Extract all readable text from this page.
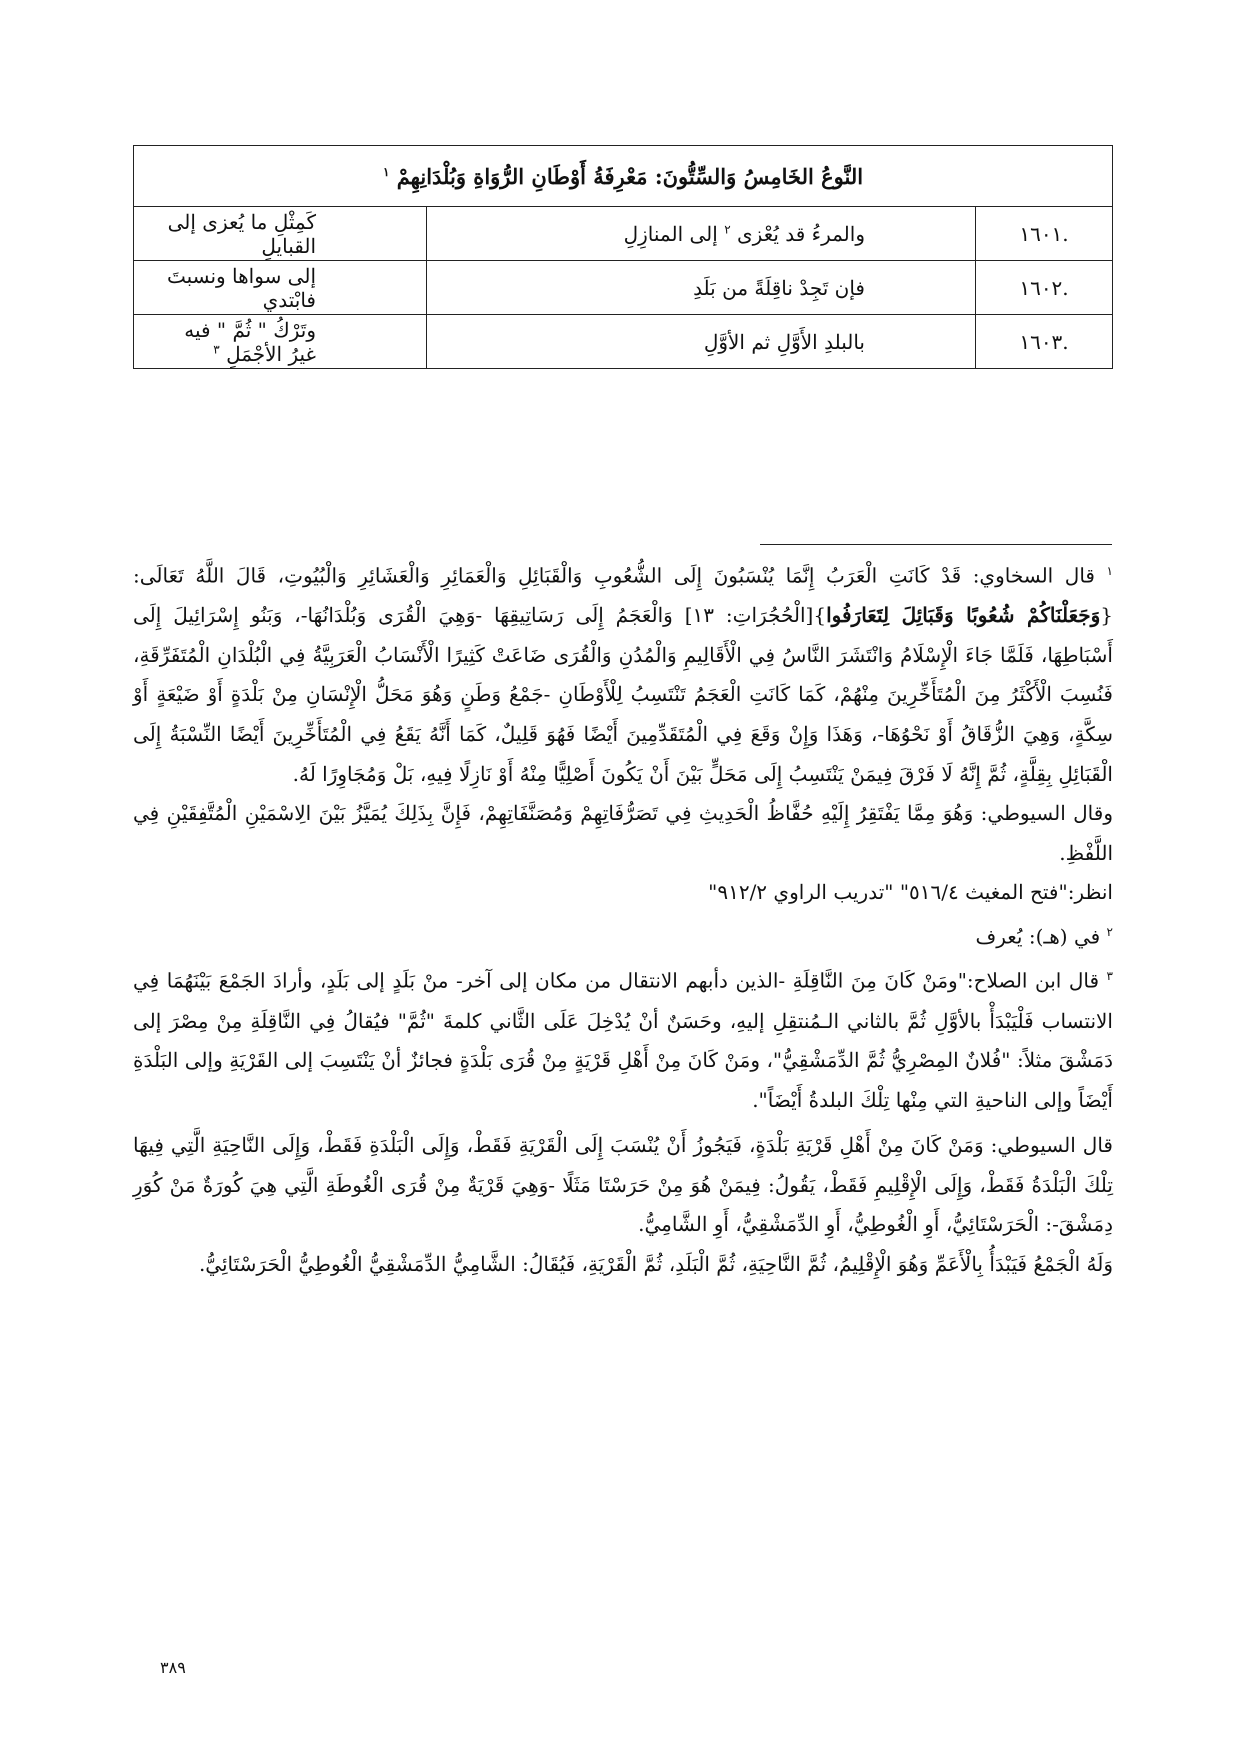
النَّوعُ الخَامِسُ وَالسِّتُّونَ: مَعْرِفَةُ أَوْطَانِ الرُّوَاةِ وَبُلْدَانِهِمْ $^١$
.١٦٠١	والمرءُ قد يُعْزى $^٢$ إلى المنازِلِ	كَمِثْلِ ما يُعزى إلى القبايلِ
.١٦٠٢	فإن تَجِدْ ناقِلَةً من بَلَدِ	إلى سواها ونسبتَ فابْتدي
.١٦٠٣	بالبلدِ الأَوَّلِ ثم الأوَّلِ	وتَرْكُ " ثُمَّ " فيه غيرُ الأجْمَلِ $^٣$

$^١$ قال السخاوي: قَدْ كَانَتِ الْعَرَبُ إِنَّمَا يُنْسَبُونَ إِلَى الشُّعُوبِ وَالْقَبَائِلِ وَالْعَمَائِرِ وَالْعَشَائِرِ وَالْبُيُوتِ، قَالَ اللَّهُ تَعَالَى: {وَجَعَلْنَاكُمْ شُعُوبًا وَقَبَائِلَ لِتَعَارَفُوا}[الْحُجُرَاتِ: ١٣] وَالْعَجَمُ إِلَى رَسَاتِيقِهَا -وَهِيَ الْقُرَى وَبُلْدَانُهَا-، وَبَنُو إِسْرَائِيلَ إِلَى أَسْبَاطِهَا، فَلَمَّا جَاءَ الْإِسْلَامُ وَانْتَشَرَ النَّاسُ فِي الْأَقَالِيمِ وَالْمُدُنِ وَالْقُرَى ضَاعَتْ كَثِيرًا الْأَنْسَابُ الْعَرَبِيَّةُ فِي الْبُلْدَانِ الْمُتَفَرِّقَةِ، فَنُسِبَ الْأَكْثَرُ مِنَ الْمُتَأَخِّرِينَ مِنْهُمْ، كَمَا كَانَتِ الْعَجَمُ تَنْتَسِبُ لِلْأَوْطَانِ -جَمْعُ وَطَنٍ وَهُوَ مَحَلُّ الْإِنْسَانِ مِنْ بَلْدَةٍ أَوْ ضَيْعَةٍ أَوْ سِكَّةٍ، وَهِيَ الزُّقَاقُ أَوْ نَحْوُهَا-، وَهَذَا وَإِنْ وَقَعَ فِي الْمُتَقَدِّمِينَ أَيْضًا فَهُوَ قَلِيلٌ، كَمَا أَنَّهُ يَقَعُ فِي الْمُتَأَخِّرِينَ أَيْضًا النِّسْبَةُ إِلَى الْقَبَائِلِ بِقِلَّةٍ، ثُمَّ إِنَّهُ لَا فَرْقَ فِيمَنْ يَنْتَسِبُ إِلَى مَحَلٍّ بَيْنَ أَنْ يَكُونَ أَصْلِيًّا مِنْهُ أَوْ نَازِلًا فِيهِ، بَلْ وَمُجَاوِرًا لَهُ.

وقال السيوطي: وَهُوَ مِمَّا يَفْتَقِرُ إِلَيْهِ حُفَّاظُ الْحَدِيثِ فِي تَصَرُّفَاتِهِمْ وَمُصَنَّفَاتِهِمْ، فَإِنَّ بِذَلِكَ يُمَيَّزُ بَيْنَ الِاسْمَيْنِ الْمُتَّفِقَيْنِ فِي اللَّفْظِ.

انظر:"فتح المغيث ٥١٦/٤" "تدريب الراوي ٩١٢/٢"

$^٢$ في (هـ): يُعرف

$^٣$ قال ابن الصلاح:"ومَنْ كَانَ مِنَ النَّاقِلَةِ -الذين دأبهم الانتقال من مكان إلى آخر- منْ بَلَدٍ إلى بَلَدٍ، وأرادَ الجَمْعَ بَيْنَهُمَا فِي الانتساب فَلْيَبْدَأْ بالأوَّلِ ثُمَّ بالثاني الـمُنتقِلِ إليهِ، وحَسَنٌ أنْ يُدْخِلَ عَلَى الثَّاني كلمةَ "ثُمَّ" فيُقالُ فِي النَّاقِلَةِ مِنْ مِصْرَ إلى دَمَشْقَ مثلاً: "فُلانٌ المِصْرِيُّ ثُمَّ الدِّمَشْقِيُّ"، ومَنْ كَانَ مِنْ أَهْلِ قَرْيَةٍ مِنْ قُرَى بَلْدَةٍ فجائزٌ أنْ يَنْتَسِبَ إلى القَرْيَةِ وإلى البَلْدَةِ أَيْضَاً وإلى الناحيةِ التي مِنْها تِلْكَ البلدةُ أَيْضَاً".

قال السيوطي: وَمَنْ كَانَ مِنْ أَهْلِ قَرْيَةِ بَلْدَةٍ، فَيَجُوزُ أَنْ يُنْسَبَ إِلَى الْقَرْيَةِ فَقَطْ، وَإِلَى الْبَلْدَةِ فَقَطْ، وَإِلَى النَّاحِيَةِ الَّتِي فِيهَا تِلْكَ الْبَلْدَةُ فَقَطْ، وَإِلَى الْإِقْلِيمِ فَقَطْ، يَقُولُ: فِيمَنْ هُوَ مِنْ حَرَسْتَا مَثَلًا -وَهِيَ قَرْيَةٌ مِنْ قُرَى الْغُوطَةِ الَّتِي هِيَ كُورَةٌ مَنْ كُوَرِ دِمَشْقَ-: الْحَرَسْتَائِيُّ، أَوِ الْغُوطِيُّ، أَوِ الدِّمَشْقِيُّ، أَوِ الشَّامِيُّ.

وَلَهُ الْجَمْعُ فَيَبْدَأُ بِالْأَعَمِّ وَهُوَ الْإِقْلِيمُ، ثُمَّ النَّاحِيَةِ، ثُمَّ الْبَلَدِ، ثُمَّ الْقَرْيَةِ، فَيُقَالُ: الشَّامِيُّ الدِّمَشْقِيُّ الْغُوطِيُّ الْحَرَسْتَائِيُّ.

٣٨٩
